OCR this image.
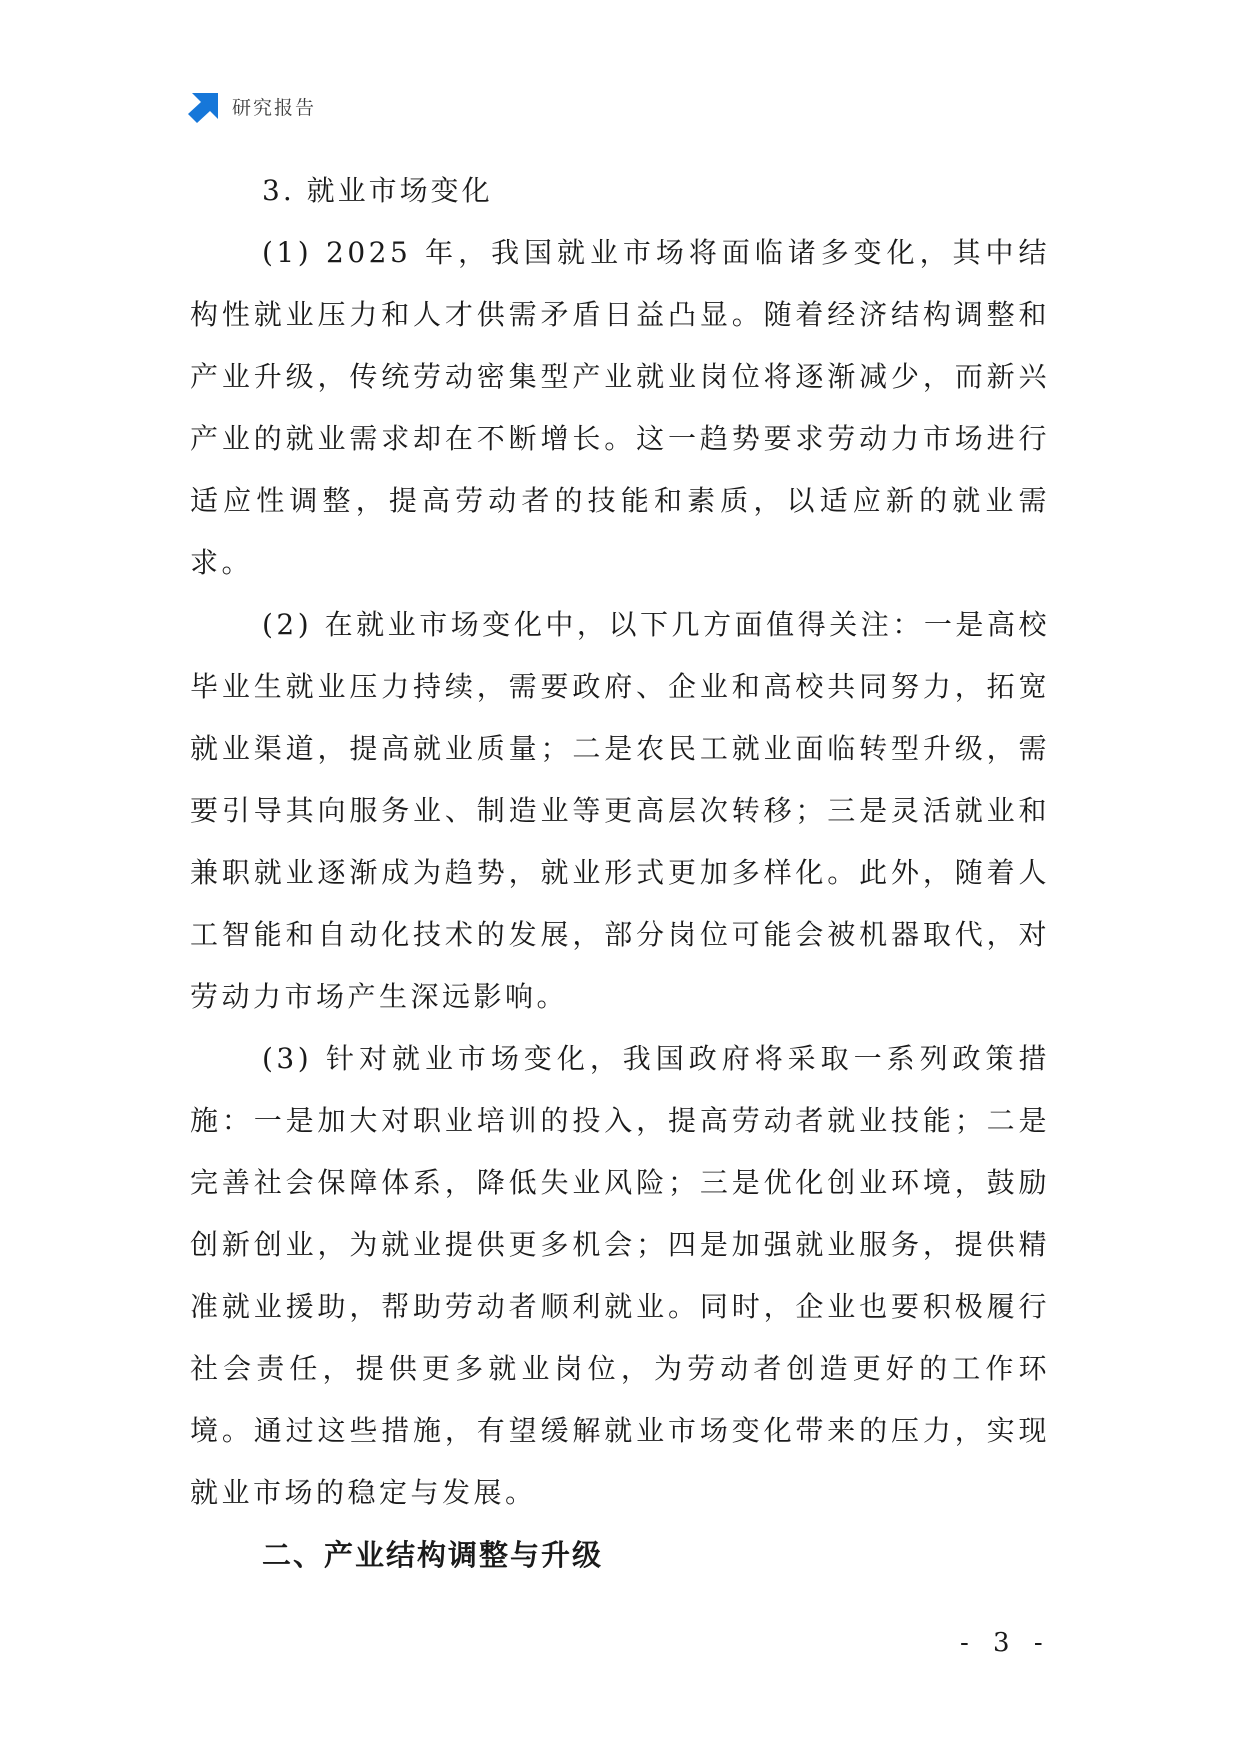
研究报告
3. 就业市场变化

(1) 2025 年，我国就业市场将面临诸多变化，其中结构性就业压力和人才供需矛盾日益凸显。随着经济结构调整和产业升级，传统劳动密集型产业就业岗位将逐渐减少，而新兴产业的就业需求却在不断增长。这一趋势要求劳动力市场进行适应性调整，提高劳动者的技能和素质，以适应新的就业需求。

(2) 在就业市场变化中，以下几方面值得关注：一是高校毕业生就业压力持续，需要政府、企业和高校共同努力，拓宽就业渠道，提高就业质量；二是农民工就业面临转型升级，需要引导其向服务业、制造业等更高层次转移；三是灵活就业和兼职就业逐渐成为趋势，就业形式更加多样化。此外，随着人工智能和自动化技术的发展，部分岗位可能会被机器取代，对劳动力市场产生深远影响。

(3) 针对就业市场变化，我国政府将采取一系列政策措施：一是加大对职业培训的投入，提高劳动者就业技能；二是完善社会保障体系，降低失业风险；三是优化创业环境，鼓励创新创业，为就业提供更多机会；四是加强就业服务，提供精准就业援助，帮助劳动者顺利就业。同时，企业也要积极履行社会责任，提供更多就业岗位，为劳动者创造更好的工作环境。通过这些措施，有望缓解就业市场变化带来的压力，实现就业市场的稳定与发展。

二、产业结构调整与升级
- 3 -
